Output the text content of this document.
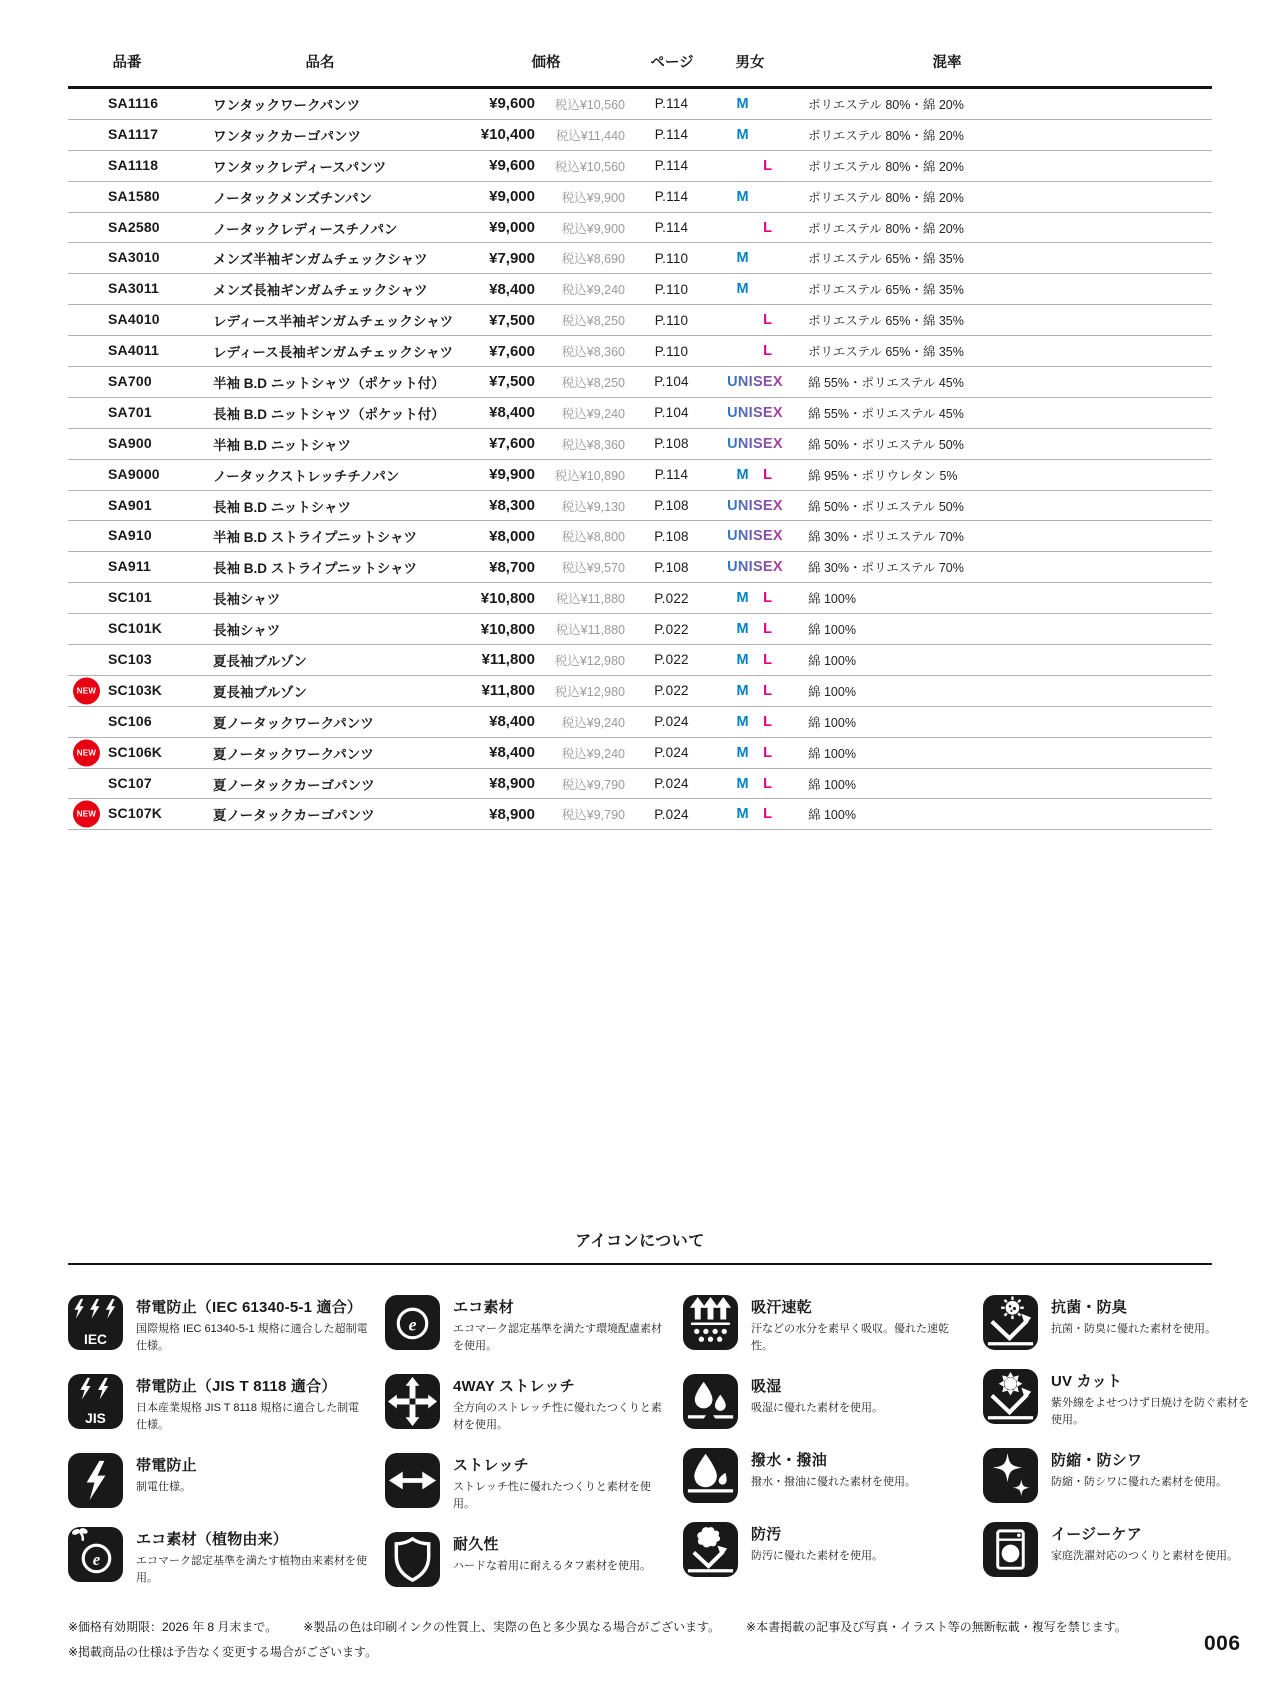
品番	品名	価格	ページ	男女	混率
SA1116	ワンタックワークパンツ	¥9,600	税込¥10,560	P.114	M	ポリエステル 80%・綿 20%
SA1117	ワンタックカーゴパンツ	¥10,400	税込¥11,440	P.114	M	ポリエステル 80%・綿 20%
SA1118	ワンタックレディースパンツ	¥9,600	税込¥10,560	P.114	L	ポリエステル 80%・綿 20%
SA1580	ノータックメンズチンパン	¥9,000	税込¥9,900	P.114	M	ポリエステル 80%・綿 20%
SA2580	ノータックレディースチノパン	¥9,000	税込¥9,900	P.114	L	ポリエステル 80%・綿 20%
SA3010	メンズ半袖ギンガムチェックシャツ	¥7,900	税込¥8,690	P.110	M	ポリエステル 65%・綿 35%
SA3011	メンズ長袖ギンガムチェックシャツ	¥8,400	税込¥9,240	P.110	M	ポリエステル 65%・綿 35%
SA4010	レディース半袖ギンガムチェックシャツ	¥7,500	税込¥8,250	P.110	L	ポリエステル 65%・綿 35%
SA4011	レディース長袖ギンガムチェックシャツ	¥7,600	税込¥8,360	P.110	L	ポリエステル 65%・綿 35%
SA700	半袖 B.D ニットシャツ（ポケット付）	¥7,500	税込¥8,250	P.104	UNISEX	綿 55%・ポリエステル 45%
SA701	長袖 B.D ニットシャツ（ポケット付）	¥8,400	税込¥9,240	P.104	UNISEX	綿 55%・ポリエステル 45%
SA900	半袖 B.D ニットシャツ	¥7,600	税込¥8,360	P.108	UNISEX	綿 50%・ポリエステル 50%
SA9000	ノータックストレッチチノパン	¥9,900	税込¥10,890	P.114	M	L	綿 95%・ポリウレタン 5%
SA901	長袖 B.D ニットシャツ	¥8,300	税込¥9,130	P.108	UNISEX	綿 50%・ポリエステル 50%
SA910	半袖 B.D ストライプニットシャツ	¥8,000	税込¥8,800	P.108	UNISEX	綿 30%・ポリエステル 70%
SA911	長袖 B.D ストライプニットシャツ	¥8,700	税込¥9,570	P.108	UNISEX	綿 30%・ポリエステル 70%
SC101	長袖シャツ	¥10,800	税込¥11,880	P.022	M	L	綿 100%
SC101K	長袖シャツ	¥10,800	税込¥11,880	P.022	M	L	綿 100%
SC103	夏長袖ブルゾン	¥11,800	税込¥12,980	P.022	M	L	綿 100%
NEW SC103K	夏長袖ブルゾン	¥11,800	税込¥12,980	P.022	M	L	綿 100%
SC106	夏ノータックワークパンツ	¥8,400	税込¥9,240	P.024	M	L	綿 100%
NEW SC106K	夏ノータックワークパンツ	¥8,400	税込¥9,240	P.024	M	L	綿 100%
SC107	夏ノータックカーゴパンツ	¥8,900	税込¥9,790	P.024	M	L	綿 100%
NEW SC107K	夏ノータックカーゴパンツ	¥8,900	税込¥9,790	P.024	M	L	綿 100%
アイコンについて
IEC
帯電防止（IEC 61340-5-1 適合）
国際規格 IEC 61340-5-1 規格に適合した超制電仕様。
JIS
帯電防止（JIS T 8118 適合）
日本産業規格 JIS T 8118 規格に適合した制電仕様。
帯電防止
制電仕様。
e
エコ素材（植物由来）
エコマーク認定基準を満たす植物由来素材を使用。
e
エコ素材
エコマーク認定基準を満たす環境配慮素材を使用。
4WAY ストレッチ
全方向のストレッチ性に優れたつくりと素材を使用。
ストレッチ
ストレッチ性に優れたつくりと素材を使用。
耐久性
ハードな着用に耐えるタフ素材を使用。
吸汗速乾
汗などの水分を素早く吸収。優れた速乾性。
吸湿
吸湿に優れた素材を使用。
撥水・撥油
撥水・撥油に優れた素材を使用。
防汚
防汚に優れた素材を使用。
抗菌・防臭
抗菌・防臭に優れた素材を使用。
UV カット
紫外線をよせつけず日焼けを防ぐ素材を使用。
防縮・防シワ
防縮・防シワに優れた素材を使用。
イージーケア
家庭洗濯対応のつくりと素材を使用。
※価格有効期限：2026 年 8 月末まで。 ※製品の色は印刷インクの性質上、実際の色と多少異なる場合がございます。 ※本書掲載の記事及び写真・イラスト等の無断転載・複写を禁じます。
※掲載商品の仕様は予告なく変更する場合がございます。	006
